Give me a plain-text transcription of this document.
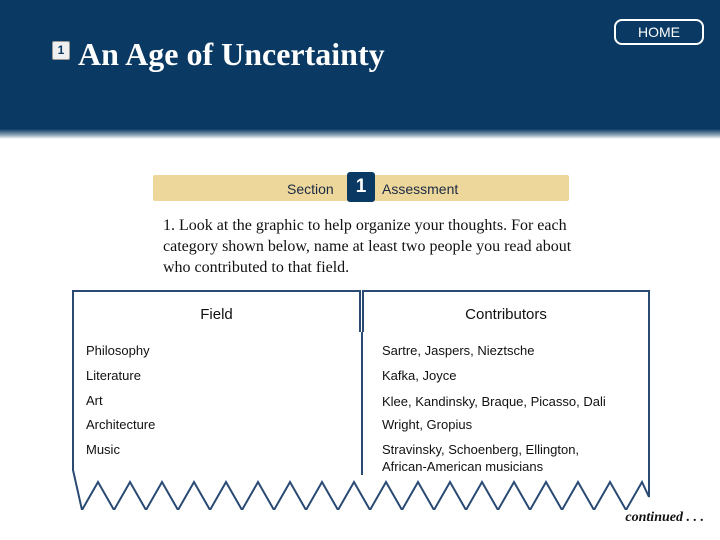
1 An Age of Uncertainty
HOME
Section	1	Assessment
1. Look at the graphic to help organize your thoughts. For each category shown below, name at least two people you read about who contributed to that field.
Field	Contributors
Philosophy	Sartre, Jaspers, Nieztsche
Literature	Kafka, Joyce
Art	Klee, Kandinsky, Braque, Picasso, Dali
Architecture	Wright, Gropius
Music	Stravinsky, Schoenberg, Ellington,
African-American musicians
continued . . .
